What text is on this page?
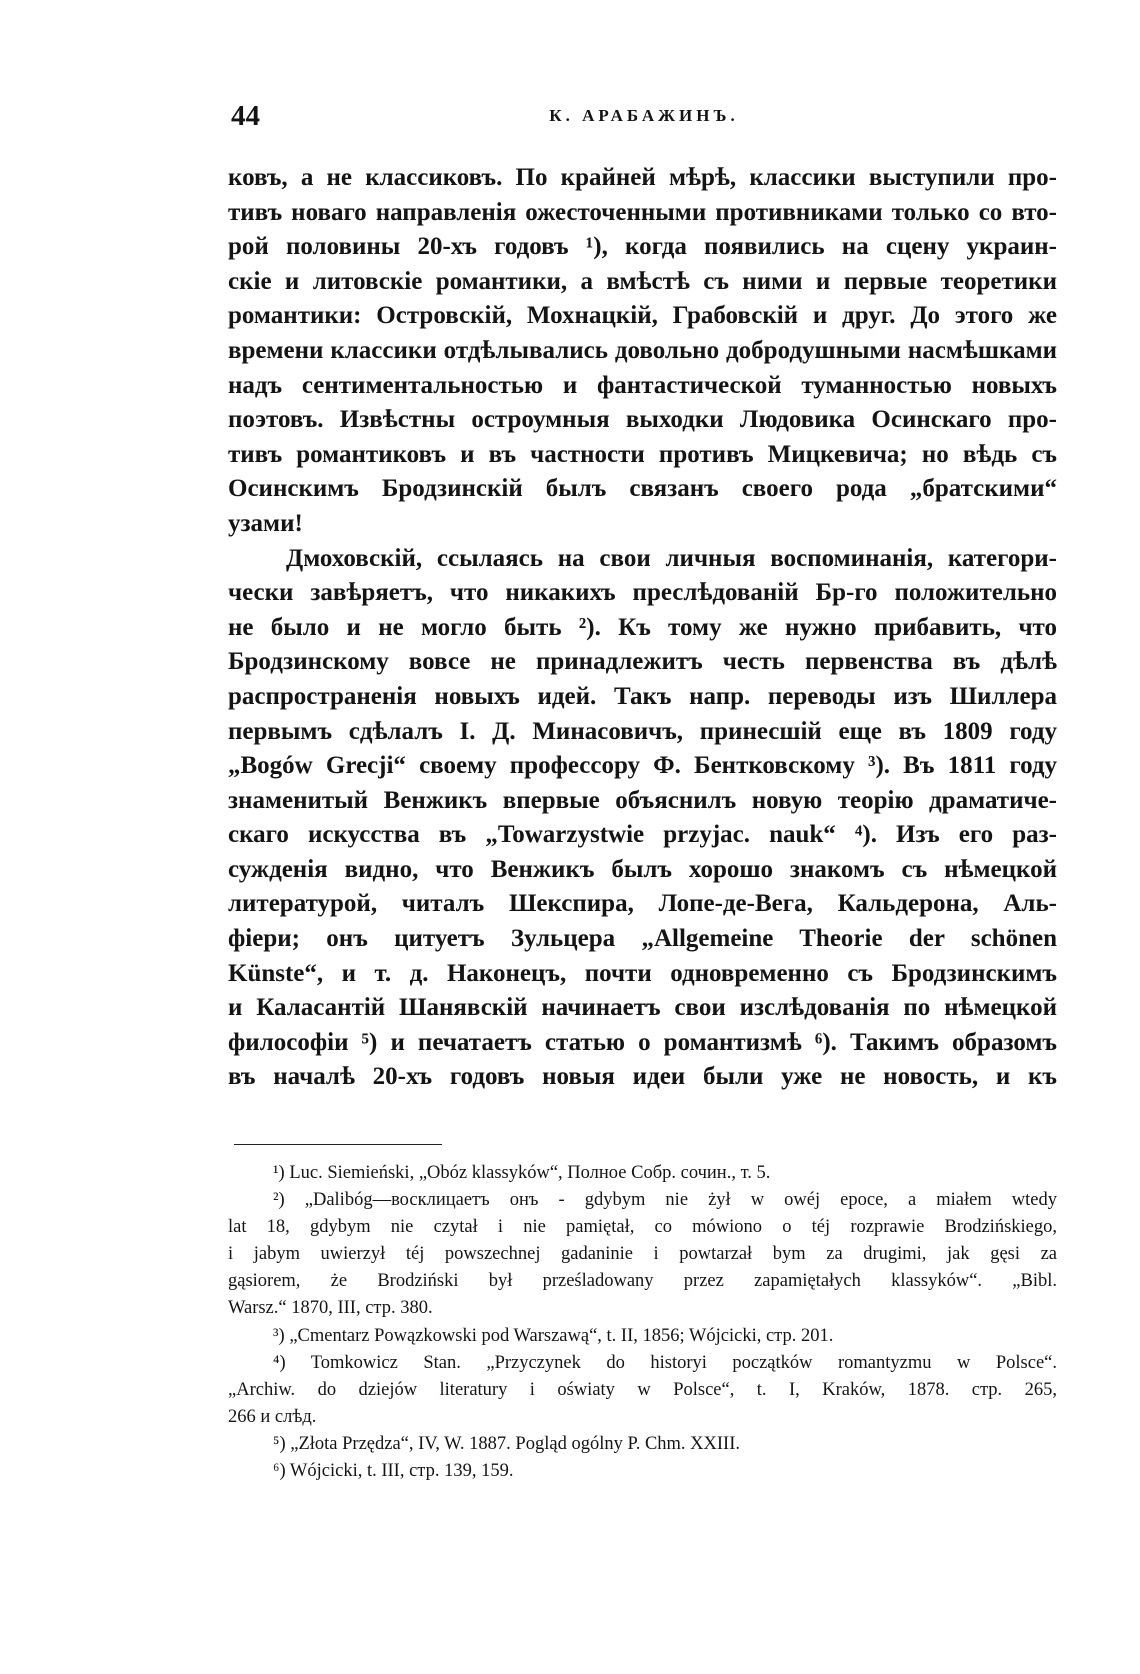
44	К. АРАБАЖИНЪ.
ковъ, а не классиковъ. По крайней мѣрѣ, классики выступили про-
тивъ новаго направленія ожесточенными противниками только со вто-
рой половины 20-хъ годовъ ¹), когда появились на сцену украин-
скіе и литовскіе романтики, а вмѣстѣ съ ними и первые теоретики
романтики: Островскій, Мохнацкій, Грабовскій и друг. До этого же
времени классики отдѣлывались довольно добродушными насмѣшками
надъ сентиментальностью и фантастической туманностью новыхъ
поэтовъ. Извѣстны остроумныя выходки Людовика Осинскаго про-
тивъ романтиковъ и въ частности противъ Мицкевича; но вѣдь съ
Осинскимъ Бродзинскій былъ связанъ своего рода „братскими“
узами!
Дмоховскій, ссылаясь на свои личныя воспоминанія, категори-
чески завѣряетъ, что никакихъ преслѣдованій Бр-го положительно
не было и не могло быть ²). Къ тому же нужно прибавить, что
Бродзинскому вовсе не принадлежитъ честь первенства въ дѣлѣ
распространенія новыхъ идей. Такъ напр. переводы изъ Шиллера
первымъ сдѣлалъ І. Д. Минасовичъ, принесшій еще въ 1809 году
„Bogów Grecji“ своему профессору Ф. Бентковскому ³). Въ 1811 году
знаменитый Венжикъ впервые объяснилъ новую теорію драматиче-
скаго искусства въ „Towarzystwie przyjac. nauk“ ⁴). Изъ его раз-
сужденія видно, что Венжикъ былъ хорошо знакомъ съ нѣмецкой
литературой, читалъ Шекспира, Лопе-де-Вега, Кальдерона, Аль-
фіери; онъ цитуетъ Зульцера „Allgemeine Theorie der schönen
Künste“, и т. д. Наконецъ, почти одновременно съ Бродзинскимъ
и Каласантій Шанявскій начинаетъ свои изслѣдованія по нѣмецкой
философіи ⁵) и печатаетъ статью о романтизмѣ ⁶). Такимъ образомъ
въ началѣ 20-хъ годовъ новыя идеи были уже не новость, и къ
¹) Luc. Siemieński, „Obóz klassyków“, Полное Собр. сочин., т. 5.
²) „Dalibóg—восклицаетъ онъ - gdybym nie żył w owéj epoce, a miałem wtedy
lat 18, gdybym nie czytał i nie pamiętał, co mówiono o téj rozprawie Brodzińskiego,
i jabym uwierzył téj powszechnej gadaninie i powtarzał bym za drugimi, jak gęsi za
gąsiorem, że Brodziński był prześladowany przez zapamiętałych klassyków“. „Bibl.
Warsz.“ 1870, III, стр. 380.
³) „Cmentarz Powązkowski pod Warszawą“, t. II, 1856; Wójcicki, стр. 201.
⁴) Tomkowicz Stan. „Przyczynek do historyi początków romantyzmu w Polsce“.
„Archiw. do dziejów literatury i oświaty w Polsce“, t. I, Kraków, 1878. стр. 265,
266 и слѣд.
⁵) „Złota Przędza“, IV, W. 1887. Pogląd ogólny P. Chm. XXIII.
⁶) Wójcicki, t. III, стр. 139, 159.
